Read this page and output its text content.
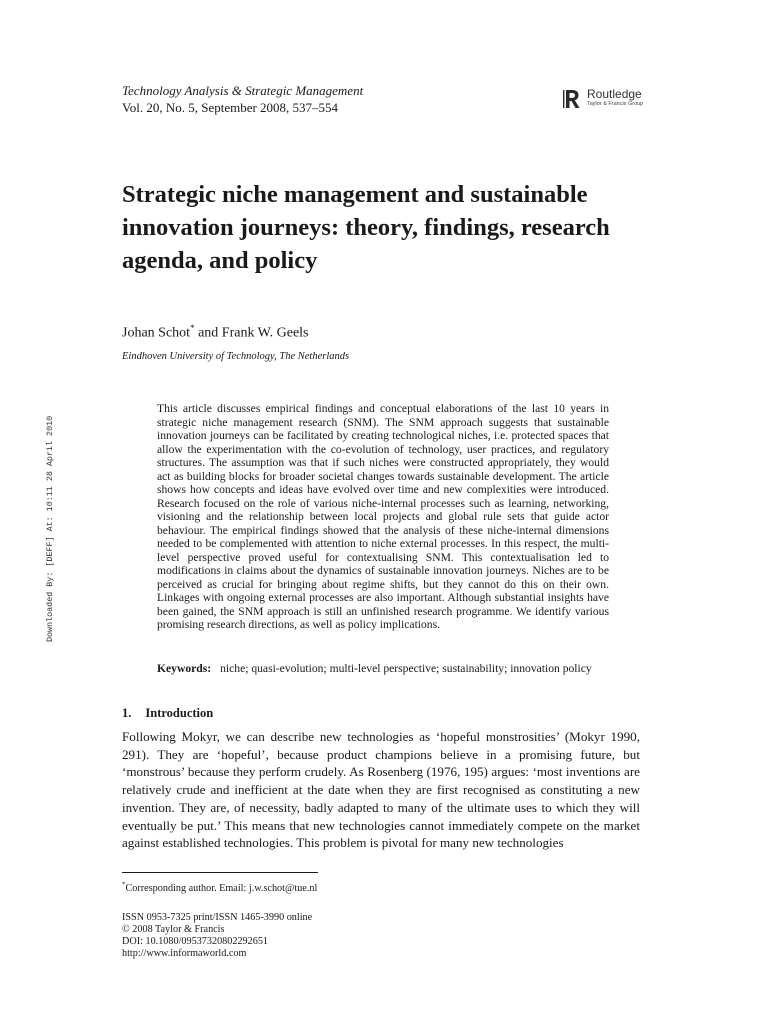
Technology Analysis & Strategic Management
Vol. 20, No. 5, September 2008, 537–554
Routledge
Taylor & Francis Group
Strategic niche management and sustainable innovation journeys: theory, findings, research agenda, and policy
Johan Schot* and Frank W. Geels
Eindhoven University of Technology, The Netherlands
Downloaded By: [DEFF] At: 10:11 28 April 2010
This article discusses empirical findings and conceptual elaborations of the last 10 years in strategic niche management research (SNM). The SNM approach suggests that sustainable innovation journeys can be facilitated by creating technological niches, i.e. protected spaces that allow the experimentation with the co-evolution of technology, user practices, and regulatory structures. The assumption was that if such niches were constructed appropriately, they would act as building blocks for broader societal changes towards sustainable development. The article shows how concepts and ideas have evolved over time and new complexities were introduced. Research focused on the role of various niche-internal processes such as learning, networking, visioning and the relationship between local projects and global rule sets that guide actor behaviour. The empirical findings showed that the analysis of these niche-internal dimensions needed to be complemented with attention to niche external processes. In this respect, the multi-level perspective proved useful for contextualising SNM. This contextualisation led to modifications in claims about the dynamics of sustainable innovation journeys. Niches are to be perceived as crucial for bringing about regime shifts, but they cannot do this on their own. Linkages with ongoing external processes are also important. Although substantial insights have been gained, the SNM approach is still an unfinished research programme. We identify various promising research directions, as well as policy implications.
Keywords: niche; quasi-evolution; multi-level perspective; sustainability; innovation policy
1. Introduction
Following Mokyr, we can describe new technologies as ‘hopeful monstrosities’ (Mokyr 1990, 291). They are ‘hopeful’, because product champions believe in a promising future, but ‘monstrous’ because they perform crudely. As Rosenberg (1976, 195) argues: ‘most inventions are relatively crude and inefficient at the date when they are first recognised as constituting a new invention. They are, of necessity, badly adapted to many of the ultimate uses to which they will eventually be put.’ This means that new technologies cannot immediately compete on the market against established technologies. This problem is pivotal for many new technologies
*Corresponding author. Email: j.w.schot@tue.nl
ISSN 0953-7325 print/ISSN 1465-3990 online
© 2008 Taylor & Francis
DOI: 10.1080/09537320802292651
http://www.informaworld.com
